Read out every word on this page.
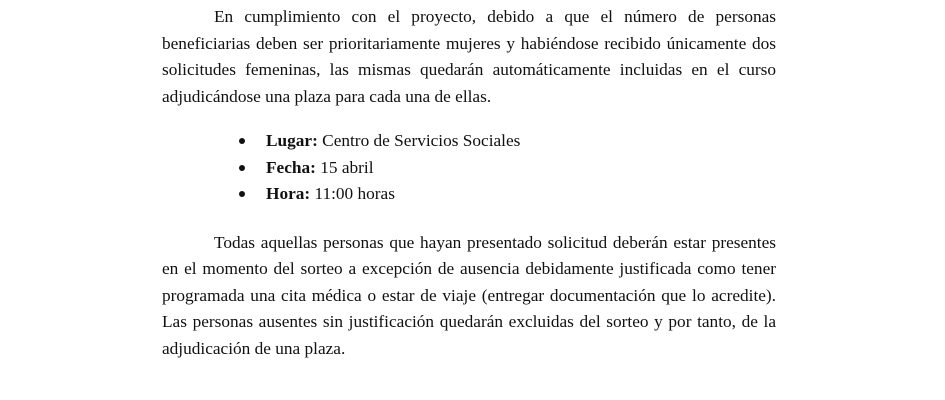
En cumplimiento con el proyecto, debido a que el número de personas beneficiarias deben ser prioritariamente mujeres y habiéndose recibido únicamente dos solicitudes femeninas, las mismas quedarán automáticamente incluidas en el curso adjudicándose una plaza para cada una de ellas.

Lugar: Centro de Servicios Sociales
Fecha: 15 abril
Hora: 11:00 horas

Todas aquellas personas que hayan presentado solicitud deberán estar presentes en el momento del sorteo a excepción de ausencia debidamente justificada como tener programada una cita médica o estar de viaje (entregar documentación que lo acredite). Las personas ausentes sin justificación quedarán excluidas del sorteo y por tanto, de la adjudicación de una plaza.
